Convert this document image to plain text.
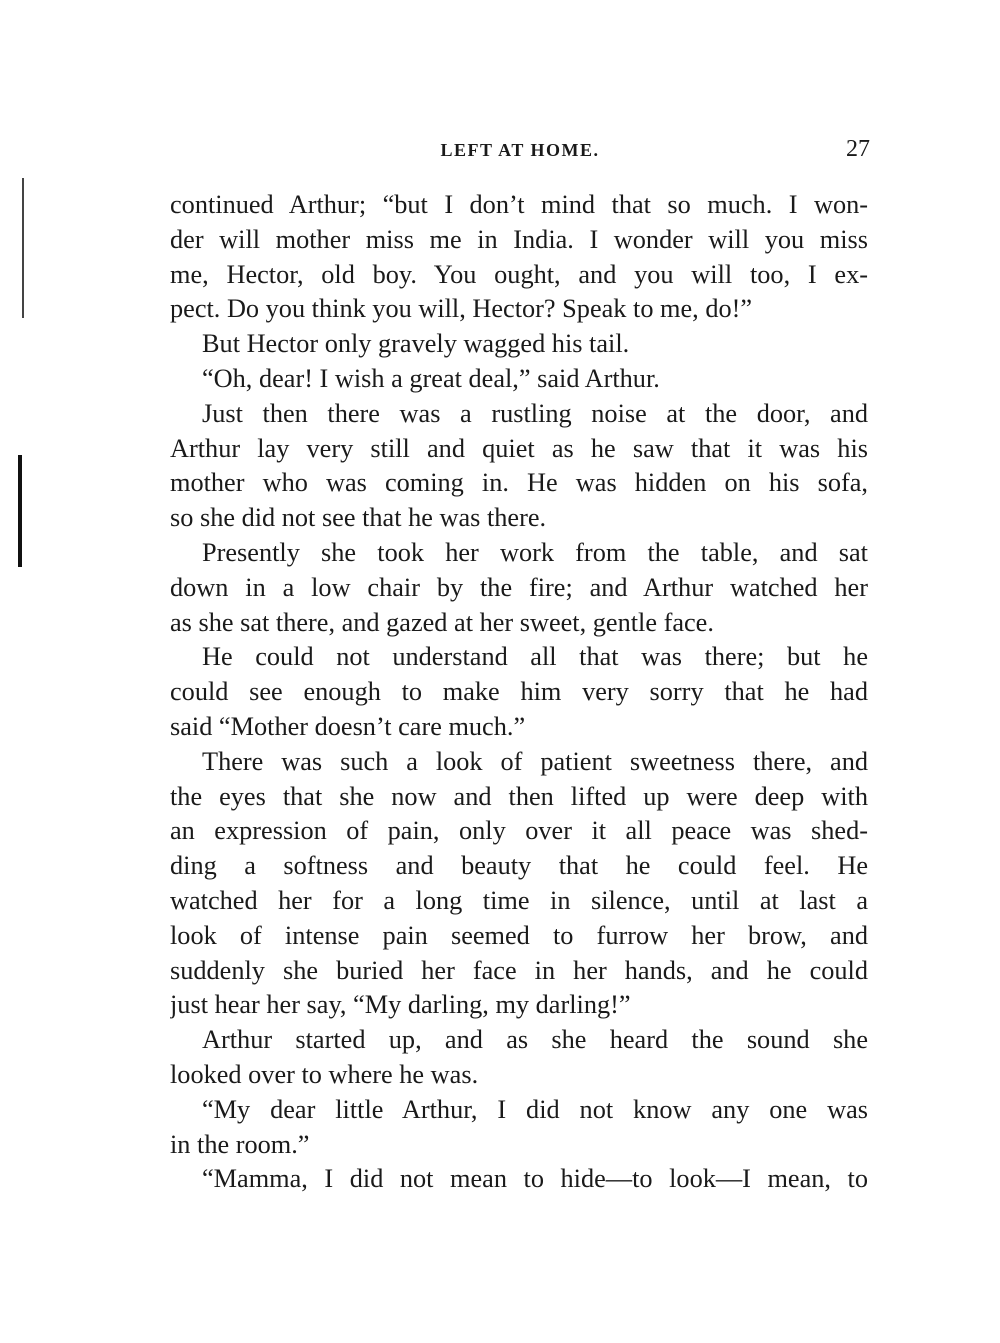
LEFT AT HOME.	27
continued Arthur; “but I don’t mind that so much. I won-
der will mother miss me in India. I wonder will you miss
me, Hector, old boy. You ought, and you will too, I ex-
pect. Do you think you will, Hector? Speak to me, do!”
But Hector only gravely wagged his tail.
“Oh, dear! I wish a great deal,” said Arthur.
Just then there was a rustling noise at the door, and
Arthur lay very still and quiet as he saw that it was his
mother who was coming in. He was hidden on his sofa,
so she did not see that he was there.
Presently she took her work from the table, and sat
down in a low chair by the fire; and Arthur watched her
as she sat there, and gazed at her sweet, gentle face.
He could not understand all that was there; but he
could see enough to make him very sorry that he had
said “Mother doesn’t care much.”
There was such a look of patient sweetness there, and
the eyes that she now and then lifted up were deep with
an expression of pain, only over it all peace was shed-
ding a softness and beauty that he could feel. He
watched her for a long time in silence, until at last a
look of intense pain seemed to furrow her brow, and
suddenly she buried her face in her hands, and he could
just hear her say, “My darling, my darling!”
Arthur started up, and as she heard the sound she
looked over to where he was.
“My dear little Arthur, I did not know any one was
in the room.”
“Mamma, I did not mean to hide—to look—I mean, to
